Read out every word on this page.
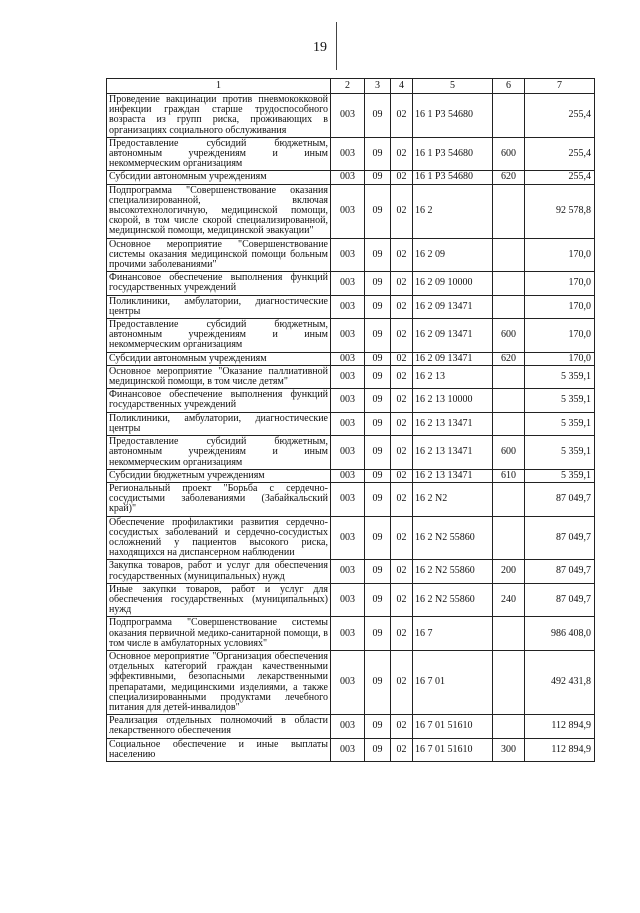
19
1	2	3	4	5	6	7
Проведение вакцинации против пневмококковой инфекции граждан старше трудоспособного возраста из групп риска, проживающих в организациях социального обслуживания	003	09	02	16 1 P3 54680		255,4
Предоставление субсидий бюджетным, автономным учреждениям и иным некоммерческим организациям	003	09	02	16 1 P3 54680	600	255,4
Субсидии автономным учреждениям	003	09	02	16 1 P3 54680	620	255,4
Подпрограмма "Совершенствование оказания специализированной, включая высокотехнологичную, медицинской помощи, скорой, в том числе скорой специализированной, медицинской помощи, медицинской эвакуации"	003	09	02	16 2		92 578,8
Основное мероприятие "Совершенствование системы оказания медицинской помощи больным прочими заболеваниями"	003	09	02	16 2 09		170,0
Финансовое обеспечение выполнения функций государственных учреждений	003	09	02	16 2 09 10000		170,0
Поликлиники, амбулатории, диагностические центры	003	09	02	16 2 09 13471		170,0
Предоставление субсидий бюджетным, автономным учреждениям и иным некоммерческим организациям	003	09	02	16 2 09 13471	600	170,0
Субсидии автономным учреждениям	003	09	02	16 2 09 13471	620	170,0
Основное мероприятие "Оказание паллиативной медицинской помощи, в том числе детям"	003	09	02	16 2 13		5 359,1
Финансовое обеспечение выполнения функций государственных учреждений	003	09	02	16 2 13 10000		5 359,1
Поликлиники, амбулатории, диагностические центры	003	09	02	16 2 13 13471		5 359,1
Предоставление субсидий бюджетным, автономным учреждениям и иным некоммерческим организациям	003	09	02	16 2 13 13471	600	5 359,1
Субсидии бюджетным учреждениям	003	09	02	16 2 13 13471	610	5 359,1
Региональный проект "Борьба с сердечно-сосудистыми заболеваниями (Забайкальский край)"	003	09	02	16 2 N2		87 049,7
Обеспечение профилактики развития сердечно-сосудистых заболеваний и сердечно-сосудистых осложнений у пациентов высокого риска, находящихся на диспансерном наблюдении	003	09	02	16 2 N2 55860		87 049,7
Закупка товаров, работ и услуг для обеспечения государственных (муниципальных) нужд	003	09	02	16 2 N2 55860	200	87 049,7
Иные закупки товаров, работ и услуг для обеспечения государственных (муниципальных) нужд	003	09	02	16 2 N2 55860	240	87 049,7
Подпрограмма "Совершенствование системы оказания первичной медико-санитарной помощи, в том числе в амбулаторных условиях"	003	09	02	16 7		986 408,0
Основное мероприятие "Организация обеспечения отдельных категорий граждан качественными эффективными, безопасными лекарственными препаратами, медицинскими изделиями, а также специализированными продуктами лечебного питания для детей-инвалидов"	003	09	02	16 7 01		492 431,8
Реализация отдельных полномочий в области лекарственного обеспечения	003	09	02	16 7 01 51610		112 894,9
Социальное обеспечение и иные выплаты населению	003	09	02	16 7 01 51610	300	112 894,9
